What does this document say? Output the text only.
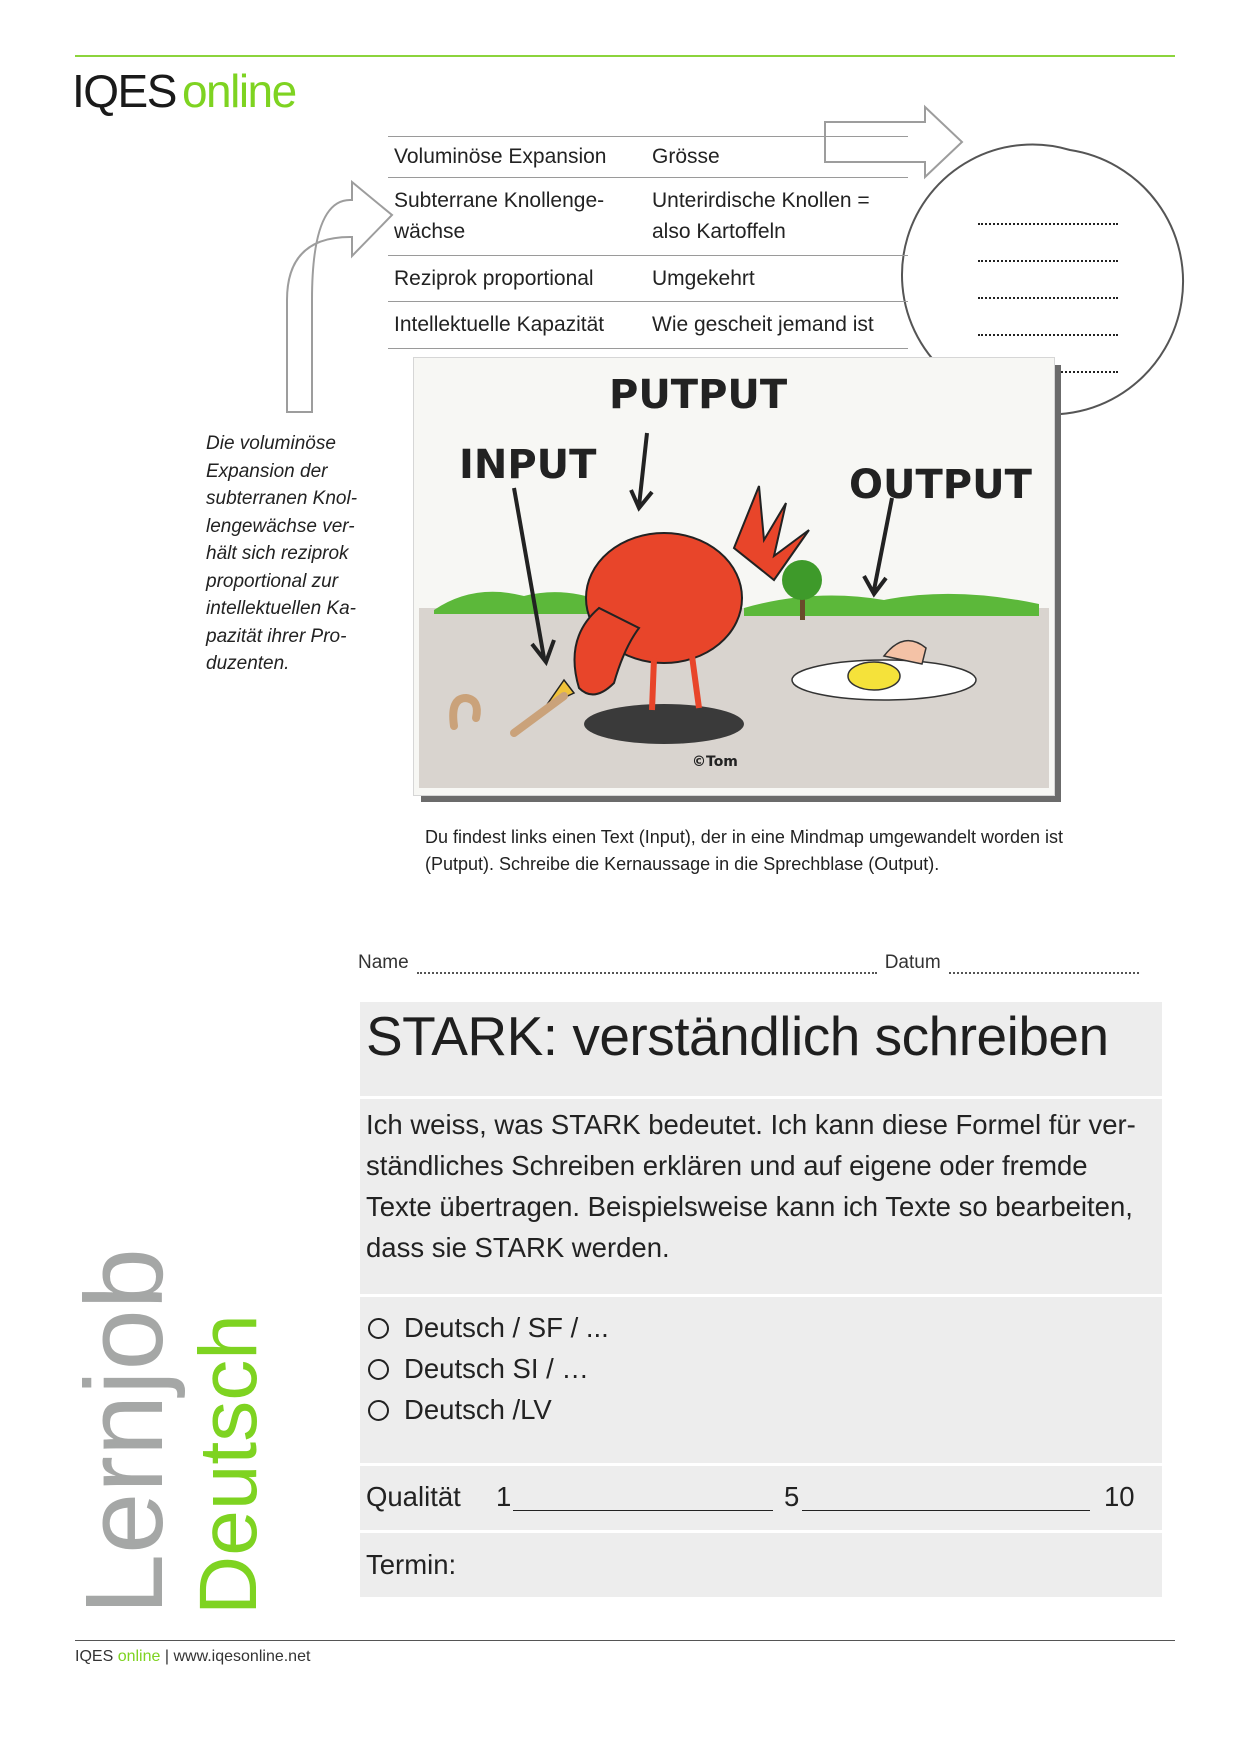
IQES online
Voluminöse Expansion	Grösse
Subterrane Knollenge-
wächse	Unterirdische Knollen =
also Kartoffeln
Reziprok proportional	Umgekehrt
Intellektuelle Kapazität	Wie gescheit jemand ist
Die voluminöse Expansion der subterranen Knol-lengewächse ver-hält sich reziprok proportional zur intellektuellen Ka-pazität ihrer Pro-duzenten.
PUTPUT
INPUT	OUTPUT
©Tom
Du findest links einen Text (Input), der in eine Mindmap umgewandelt worden ist (Putput). Schreibe die Kernaussage in die Sprechblase (Output).
Name	Datum
STARK: verständlich schreiben
Ich weiss, was STARK bedeutet. Ich kann diese Formel für ver-ständliches Schreiben erklären und auf eigene oder fremde Texte übertragen. Beispielsweise kann ich Texte so bearbeiten, dass sie STARK werden.
Deutsch / SF / ...
Deutsch SI / …
Deutsch /LV
Qualität 1	5	10
Termin:
Lernjob
Deutsch
IQES online | www.iqesonline.net
